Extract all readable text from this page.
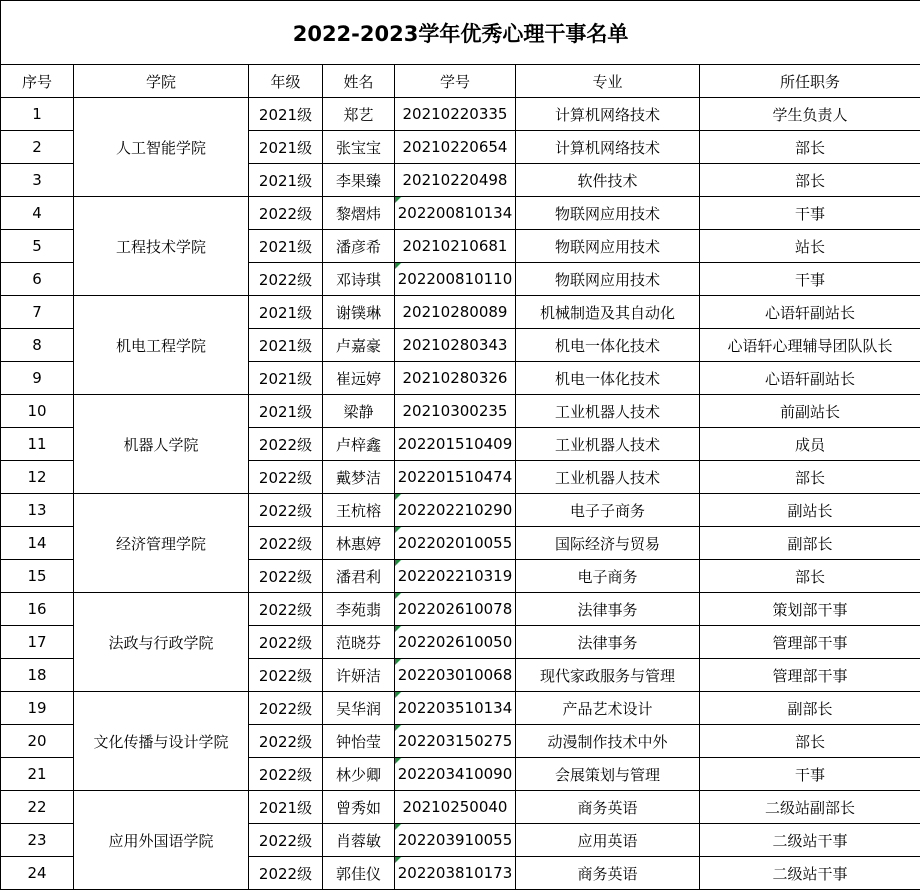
2022-2023学年优秀心理干事名单						
序号	学院	年级	姓名	学号	专业	所任职务
1	人工智能学院	2021级	郑艺	20210220335	计算机网络技术	学生负责人
2		2021级	张宝宝	20210220654	计算机网络技术	部长
3		2021级	李果臻	20210220498	软件技术	部长
4	工程技术学院	2022级	黎熠炜	202200810134	物联网应用技术	干事
5		2021级	潘彦希	20210210681	物联网应用技术	站长
6		2022级	邓诗琪	202200810110	物联网应用技术	干事
7	机电工程学院	2021级	谢镤琳	20210280089	机械制造及其自动化	心语轩副站长
8		2021级	卢嘉豪	20210280343	机电一体化技术	心语轩心理辅导团队队长
9		2021级	崔远婷	20210280326	机电一体化技术	心语轩副站长
10	机器人学院	2021级	梁静	20210300235	工业机器人技术	前副站长
11		2022级	卢梓鑫	202201510409	工业机器人技术	成员
12		2022级	戴梦洁	202201510474	工业机器人技术	部长
13	经济管理学院	2022级	王杭榕	202202210290	电子子商务	副站长
14		2022级	林惠婷	202202010055	国际经济与贸易	副部长
15		2022级	潘君利	202202210319	电子商务	部长
16	法政与行政学院	2022级	李苑翡	202202610078	法律事务	策划部干事
17		2022级	范晓芬	202202610050	法律事务	管理部干事
18		2022级	许妍洁	202203010068	现代家政服务与管理	管理部干事
19	文化传播与设计学院	2022级	吴华润	202203510134	产品艺术设计	副部长
20		2022级	钟怡莹	202203150275	动漫制作技术中外	部长
21		2022级	林少卿	202203410090	会展策划与管理	干事
22	应用外国语学院	2021级	曾秀如	20210250040	商务英语	二级站副部长
23		2022级	肖蓉敏	202203910055	应用英语	二级站干事
24		2022级	郭佳仪	202203810173	商务英语	二级站干事
